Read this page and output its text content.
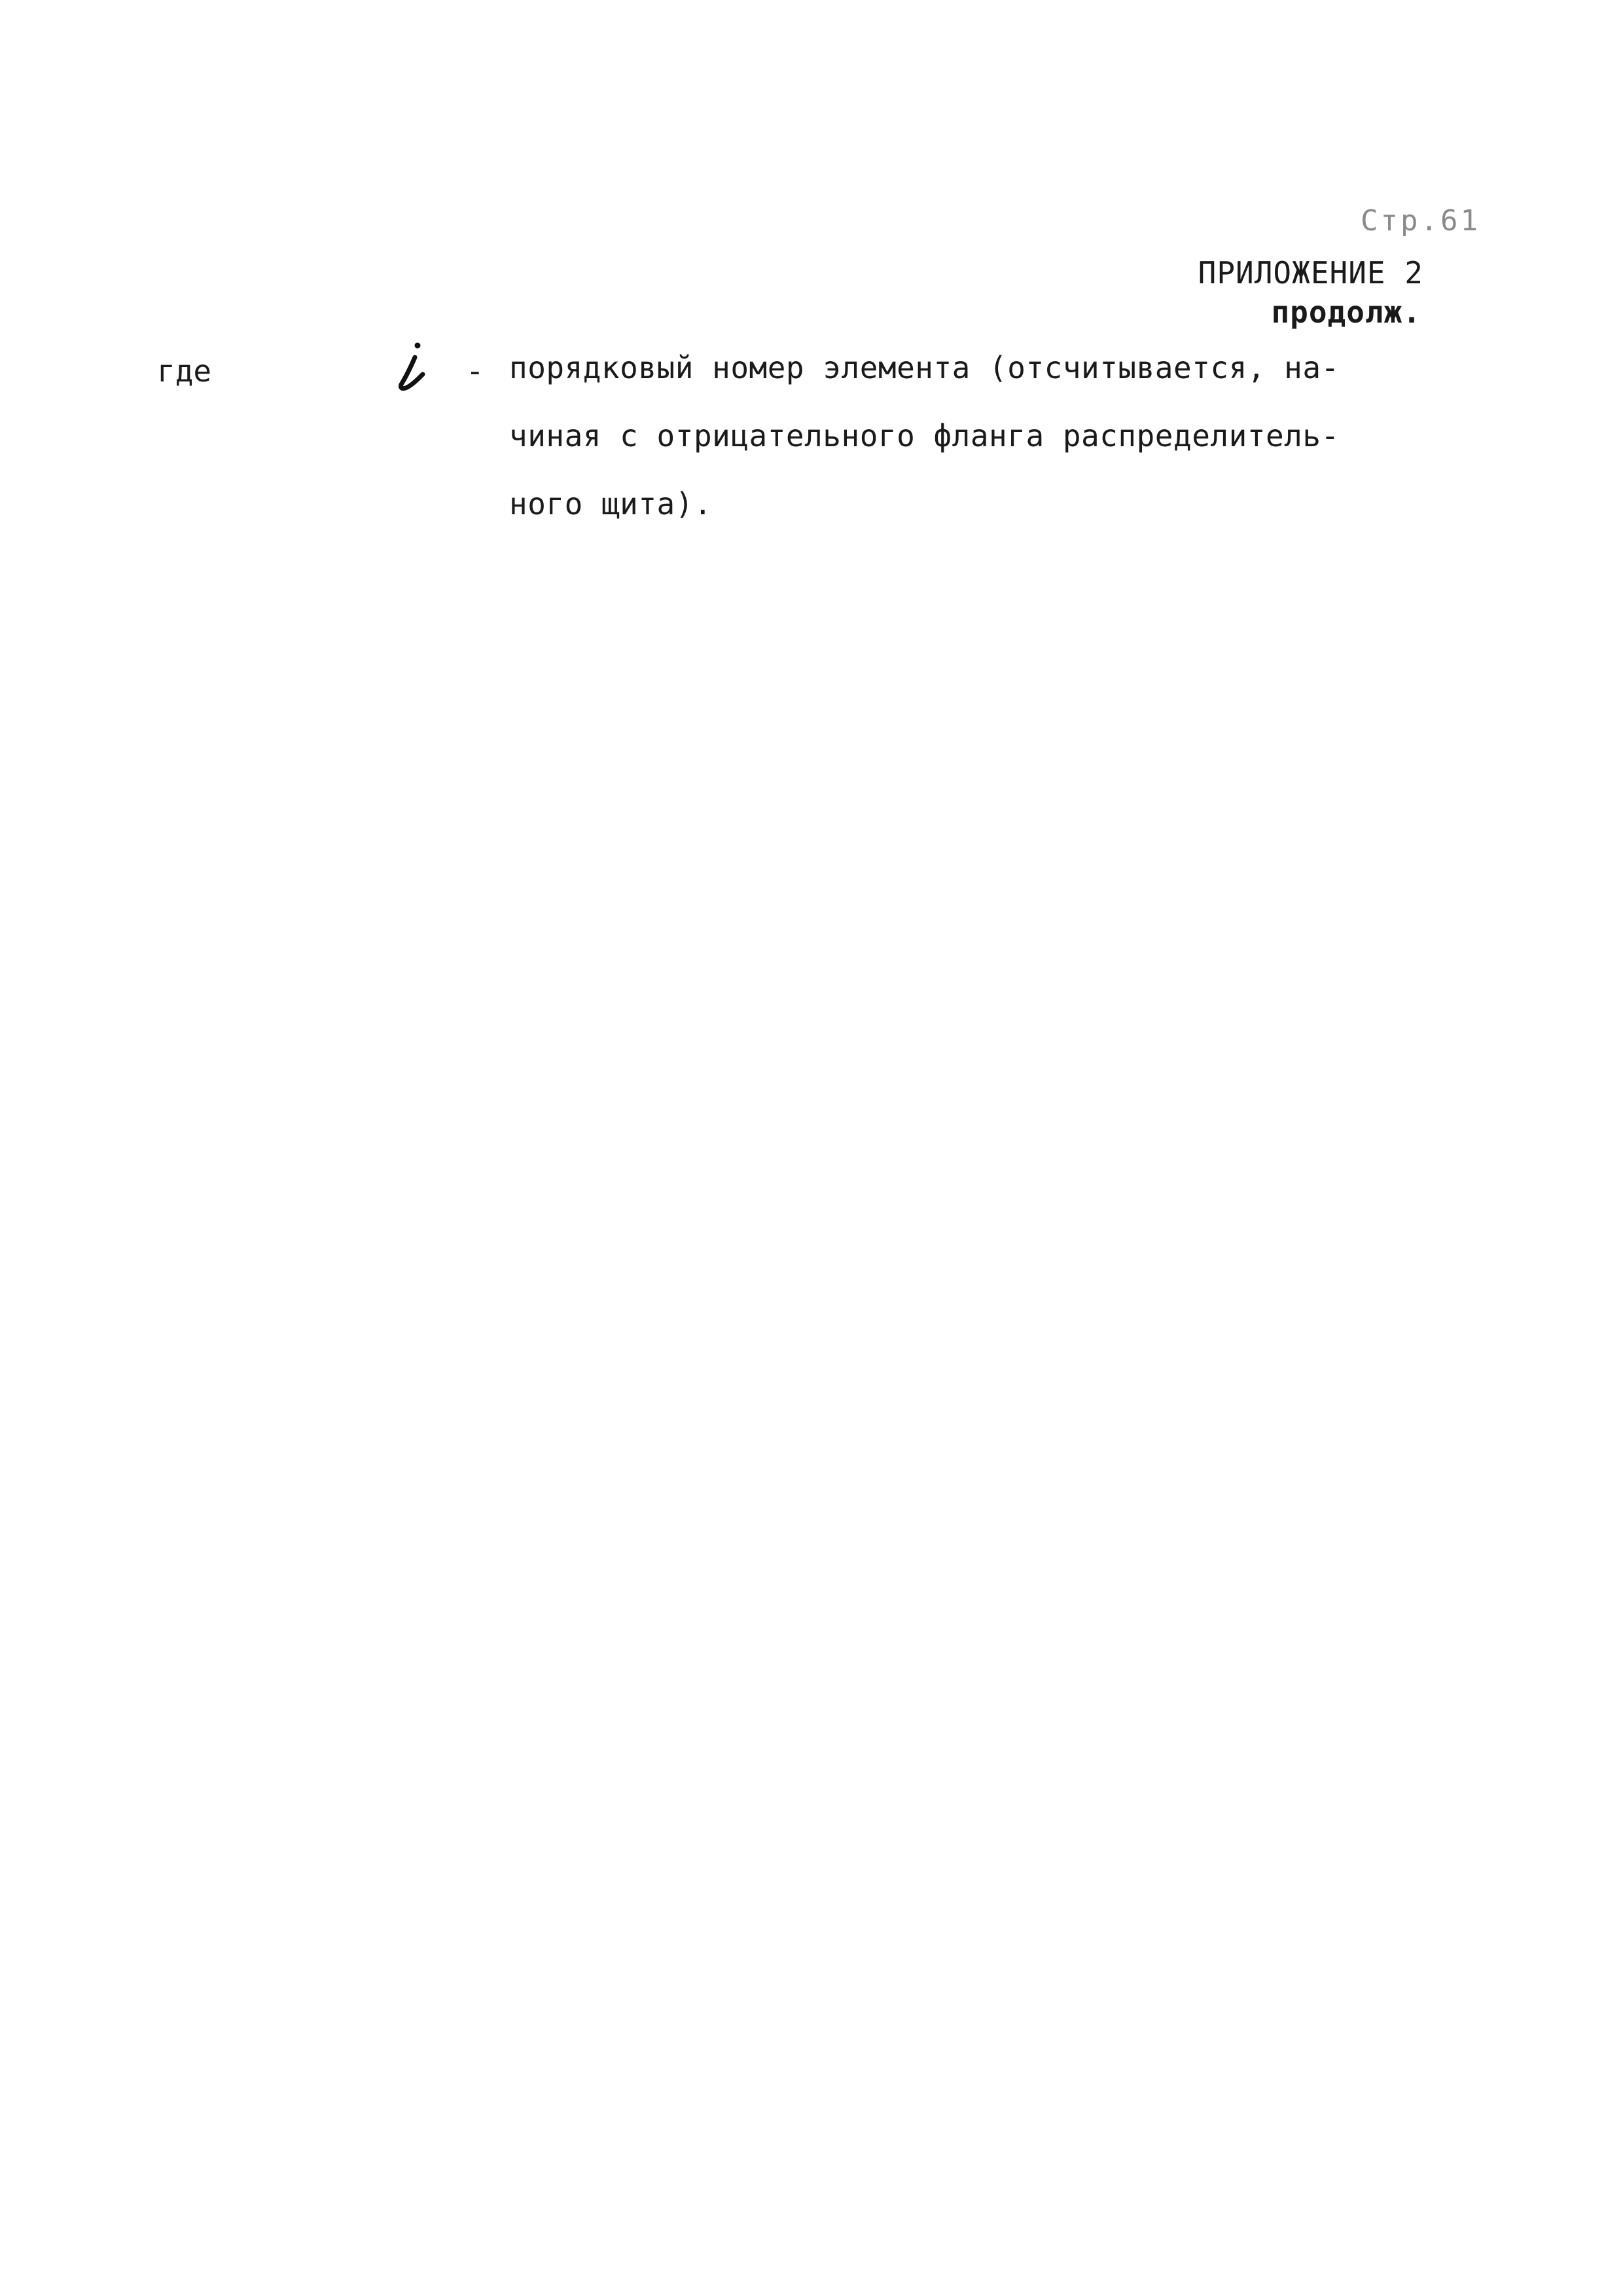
Стр.61
ПРИЛОЖЕНИЕ 2
продолж.
где	- порядковый номер элемента (отсчитывается, на-
чиная с отрицательного фланга распределитель-
ного щита).
